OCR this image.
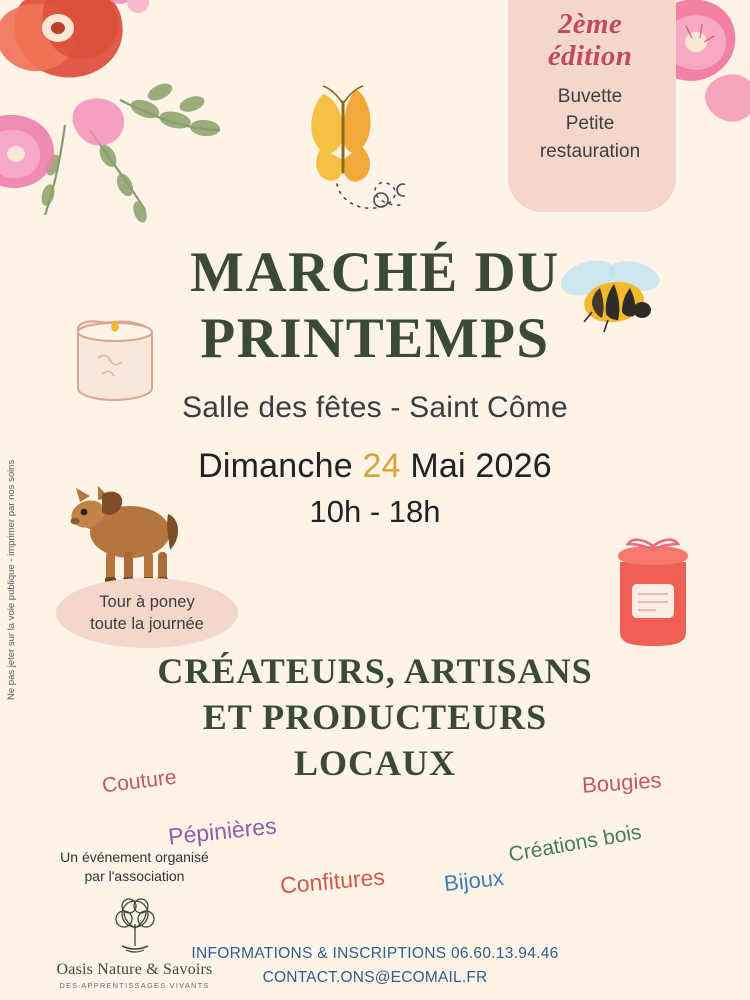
2ème
édition
Buvette
Petite
restauration
MARCHÉ DU
PRINTEMPS
Salle des fêtes - Saint Côme
Dimanche 24 Mai 2026
10h - 18h
Tour à poney
toute la journée
CRÉATEURS, ARTISANS
ET PRODUCTEURS
LOCAUX
Couture
Pépinières
Confitures	Bijoux
Créations bois
Bougies
Un événement organisé
par l'association
Oasis Nature & Savoirs
DES APPRENTISSAGES VIVANTS
INFORMATIONS & INSCRIPTIONS 06.60.13.94.46
CONTACT.ONS@ECOMAIL.FR
Ne pas jeter sur la voie publique - imprimer par nos soins
